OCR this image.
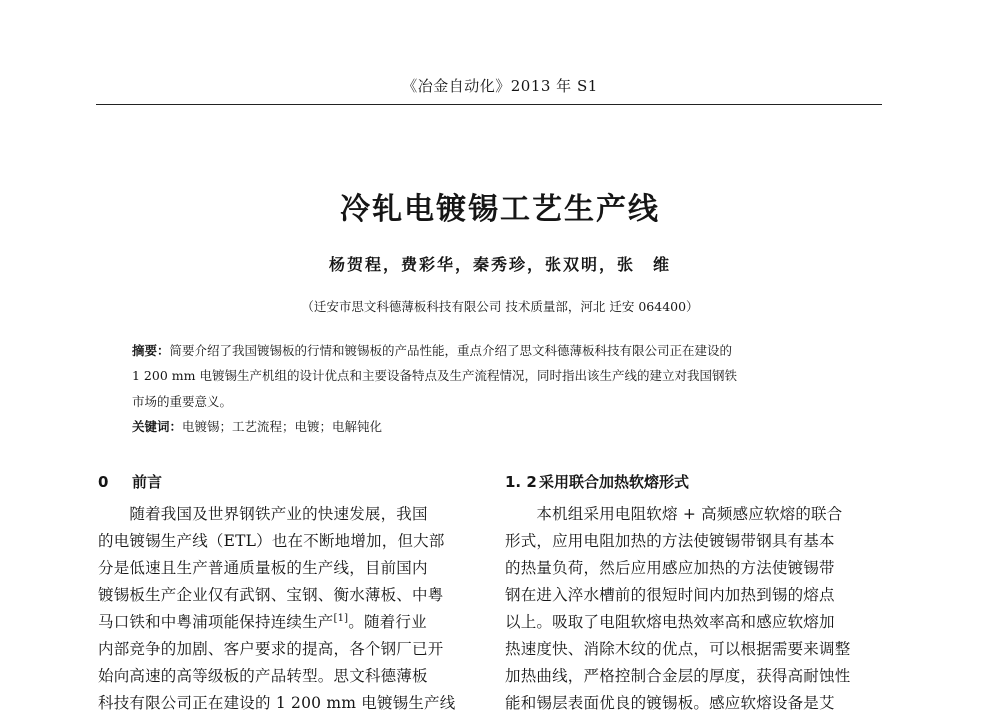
《冶金自动化》2013 年 S1
冷轧电镀锡工艺生产线
杨贺程，费彩华，秦秀珍，张双明，张　维
（迁安市思文科德薄板科技有限公司 技术质量部，河北 迁安 064400）
摘要：简要介绍了我国镀锡板的行情和镀锡板的产品性能，重点介绍了思文科德薄板科技有限公司正在建设的
1 200 mm 电镀锡生产机组的设计优点和主要设备特点及生产流程情况，同时指出该生产线的建立对我国钢铁
市场的重要意义。
关键词：电镀锡；工艺流程；电镀；电解钝化
0 前言
　　随着我国及世界钢铁产业的快速发展，我国
的电镀锡生产线（ETL）也在不断地增加，但大部
分是低速且生产普通质量板的生产线，目前国内
镀锡板生产企业仅有武钢、宝钢、衡水薄板、中粤
马口铁和中粤浦项能保持连续生产[1]。随着行业
内部竞争的加剧、客户要求的提高，各个钢厂已开
始向高速的高等级板的产品转型。思文科德薄板
科技有限公司正在建设的 1 200 mm 电镀锡生产线
1. 2 采用联合加热软熔形式
　　本机组采用电阻软熔 + 高频感应软熔的联合
形式，应用电阻加热的方法使镀锡带钢具有基本
的热量负荷，然后应用感应加热的方法使镀锡带
钢在进入淬水槽前的很短时间内加热到锡的熔点
以上。吸取了电阻软熔电热效率高和感应软熔加
热速度快、消除木纹的优点，可以根据需要来调整
加热曲线，严格控制合金层的厚度，获得高耐蚀性
能和锡层表面优良的镀锡板。感应软熔设备是艾
